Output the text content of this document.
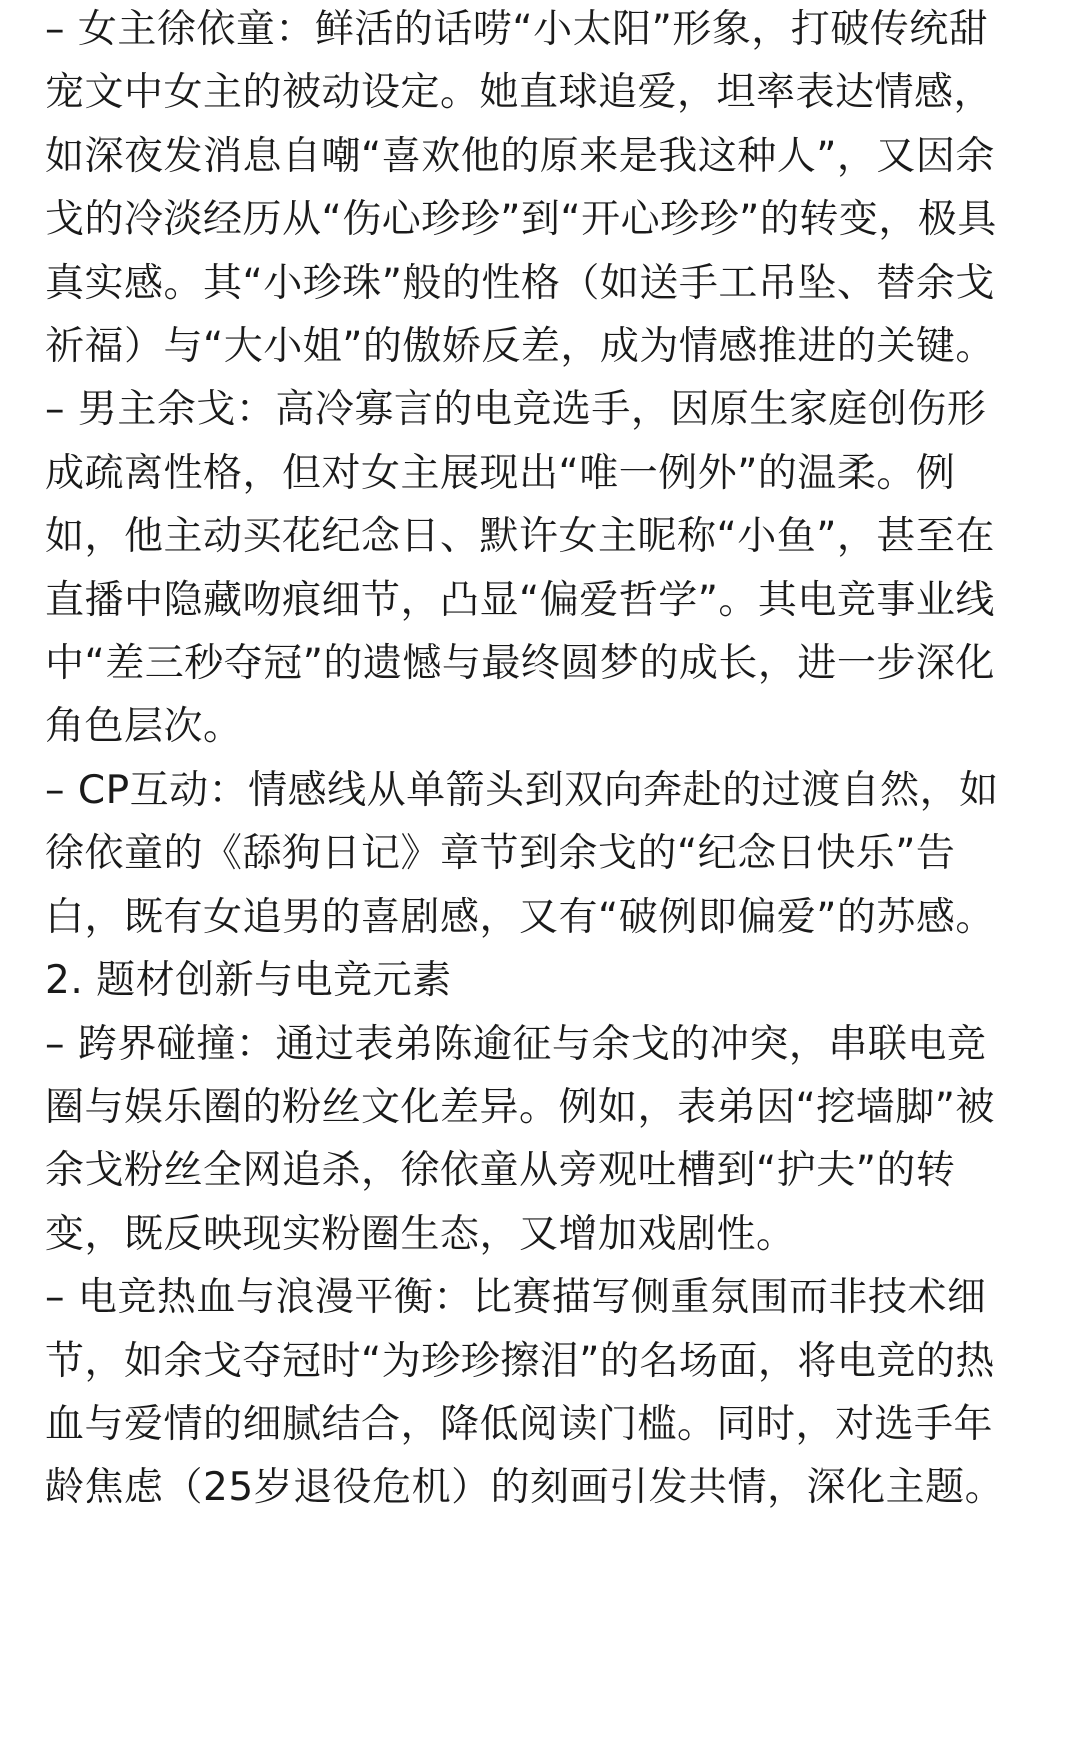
– 女主徐依童：鲜活的话唠“小太阳”形象，打破传统甜宠文中女主的被动设定。她直球追爱，坦率表达情感，如深夜发消息自嘲“喜欢他的原来是我这种人”，又因余戈的冷淡经历从“伤心珍珍”到“开心珍珍”的转变，极具真实感。其“小珍珠”般的性格（如送手工吊坠、替余戈祈福）与“大小姐”的傲娇反差，成为情感推进的关键。

– 男主余戈：高冷寡言的电竞选手，因原生家庭创伤形成疏离性格，但对女主展现出“唯一例外”的温柔。例如，他主动买花纪念日、默许女主昵称“小鱼”，甚至在直播中隐藏吻痕细节，凸显“偏爱哲学”。其电竞事业线中“差三秒夺冠”的遗憾与最终圆梦的成长，进一步深化角色层次。

– CP互动：情感线从单箭头到双向奔赴的过渡自然，如徐依童的《舔狗日记》章节到余戈的“纪念日快乐”告白，既有女追男的喜剧感，又有“破例即偏爱”的苏感。

2. 题材创新与电竞元素

– 跨界碰撞：通过表弟陈逾征与余戈的冲突，串联电竞圈与娱乐圈的粉丝文化差异。例如，表弟因“挖墙脚”被余戈粉丝全网追杀，徐依童从旁观吐槽到“护夫”的转变，既反映现实粉圈生态，又增加戏剧性。

– 电竞热血与浪漫平衡：比赛描写侧重氛围而非技术细节，如余戈夺冠时“为珍珍擦泪”的名场面，将电竞的热血与爱情的细腻结合，降低阅读门槛。同时，对选手年龄焦虑（25岁退役危机）的刻画引发共情，深化主题。
